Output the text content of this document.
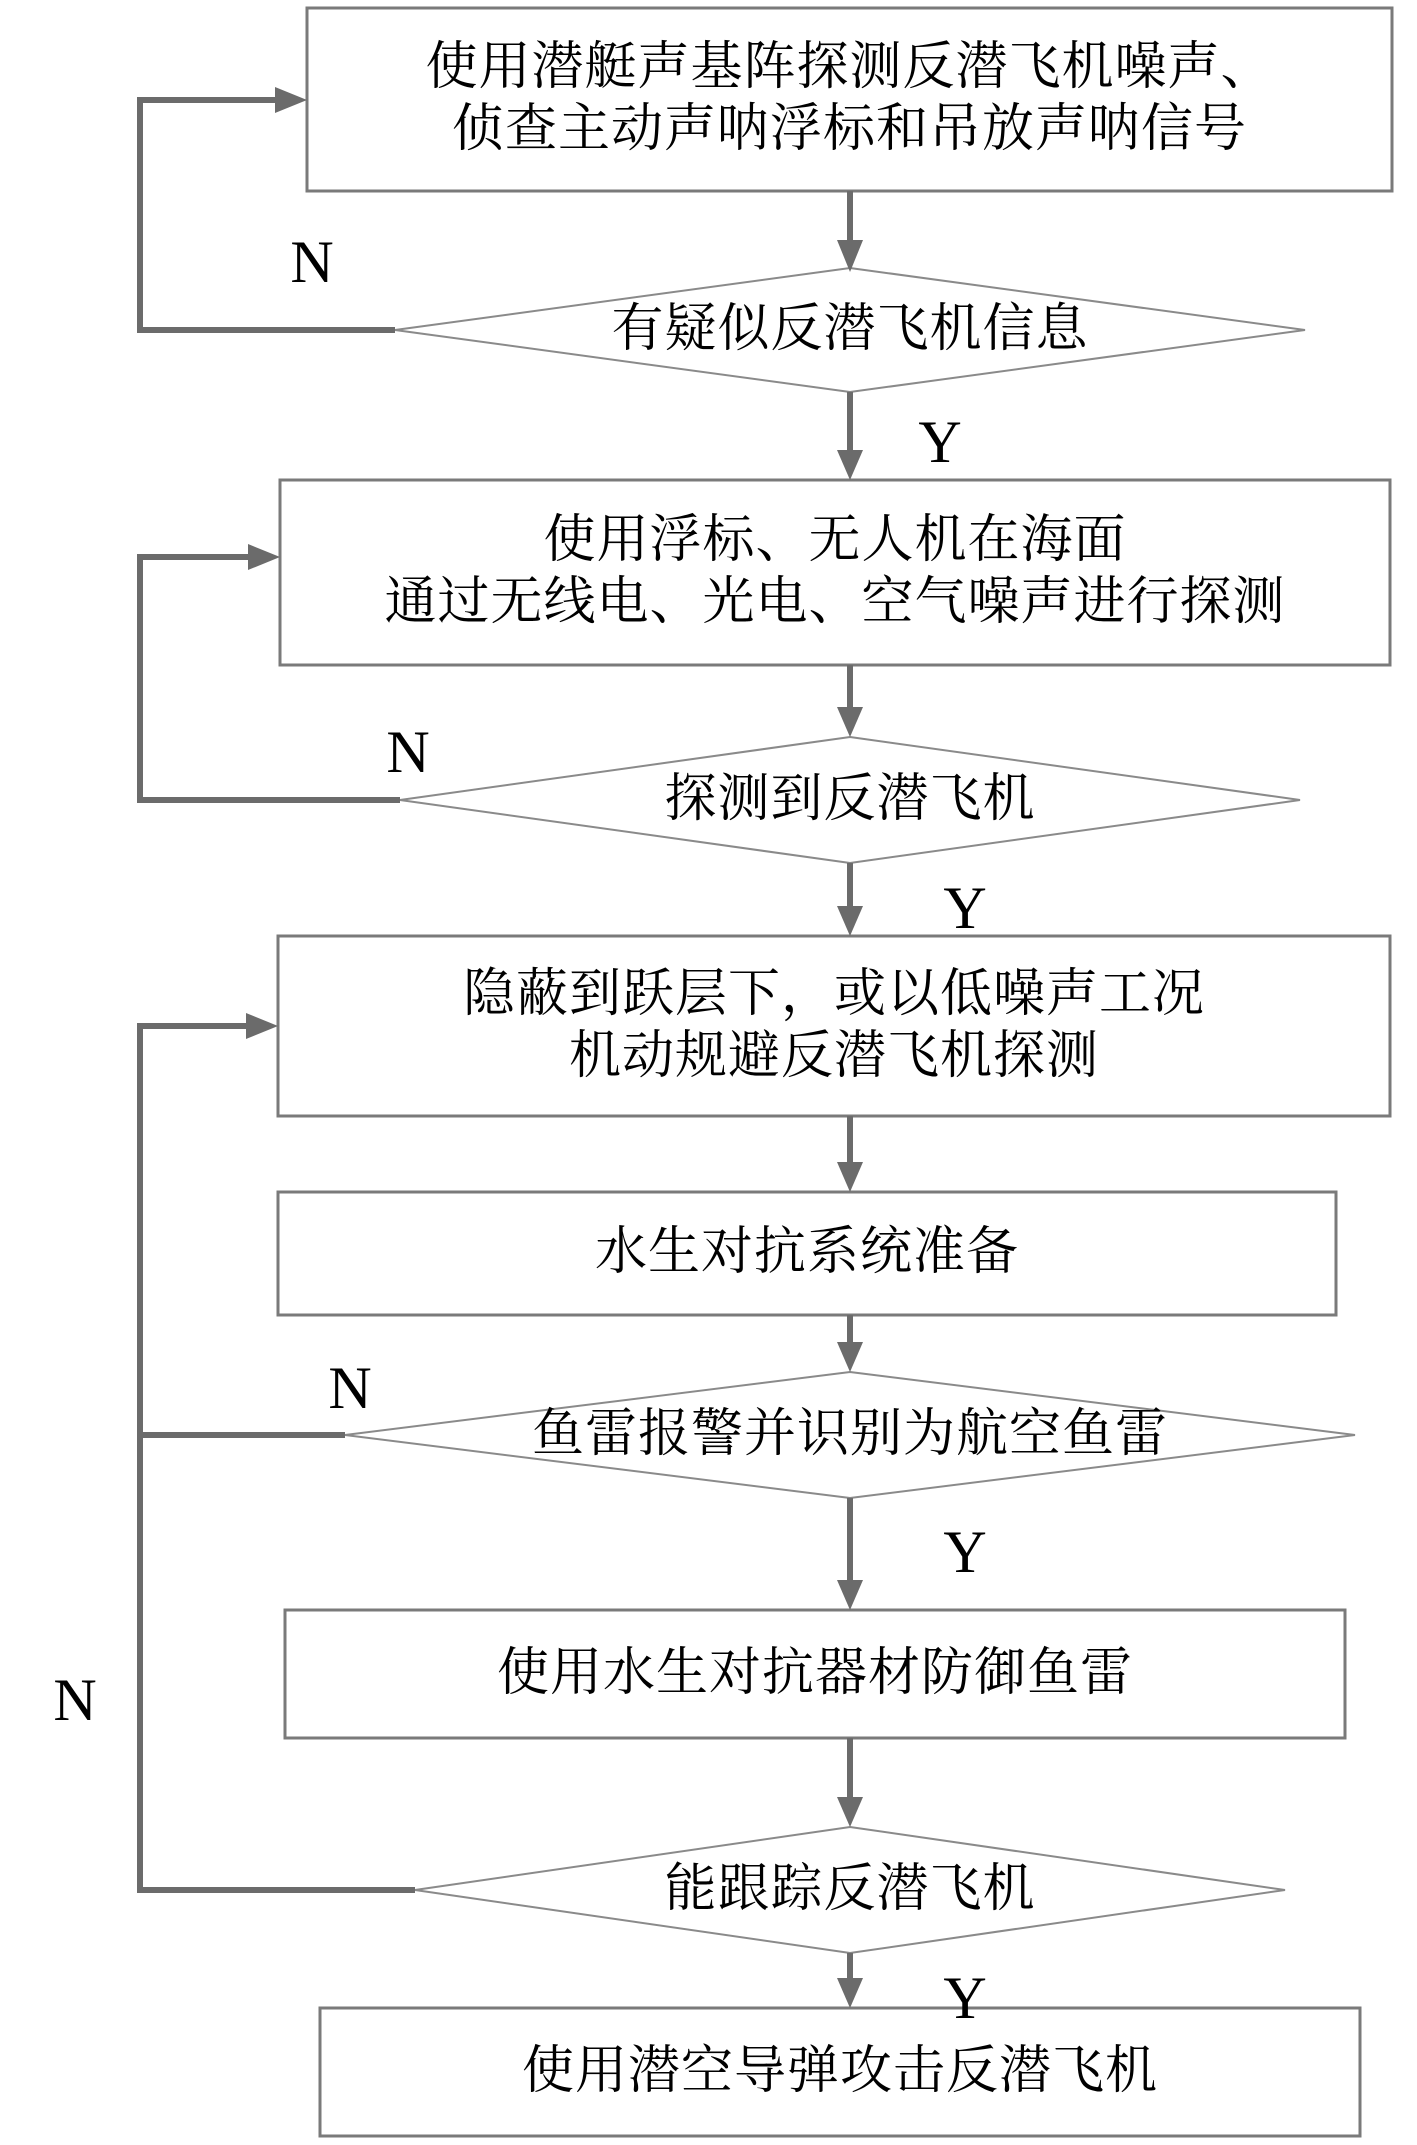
使用潜艇声基阵探测反潜飞机噪声、
侦查主动声呐浮标和吊放声呐信号
有疑似反潜飞机信息
使用浮标、无人机在海面
通过无线电、光电、空气噪声进行探测
探测到反潜飞机
隐蔽到跃层下，或以低噪声工况
机动规避反潜飞机探测
水生对抗系统准备
鱼雷报警并识别为航空鱼雷
使用水生对抗器材防御鱼雷
能跟踪反潜飞机
使用潜空导弹攻击反潜飞机
N
Y
N
Y
N
Y
N
Y
